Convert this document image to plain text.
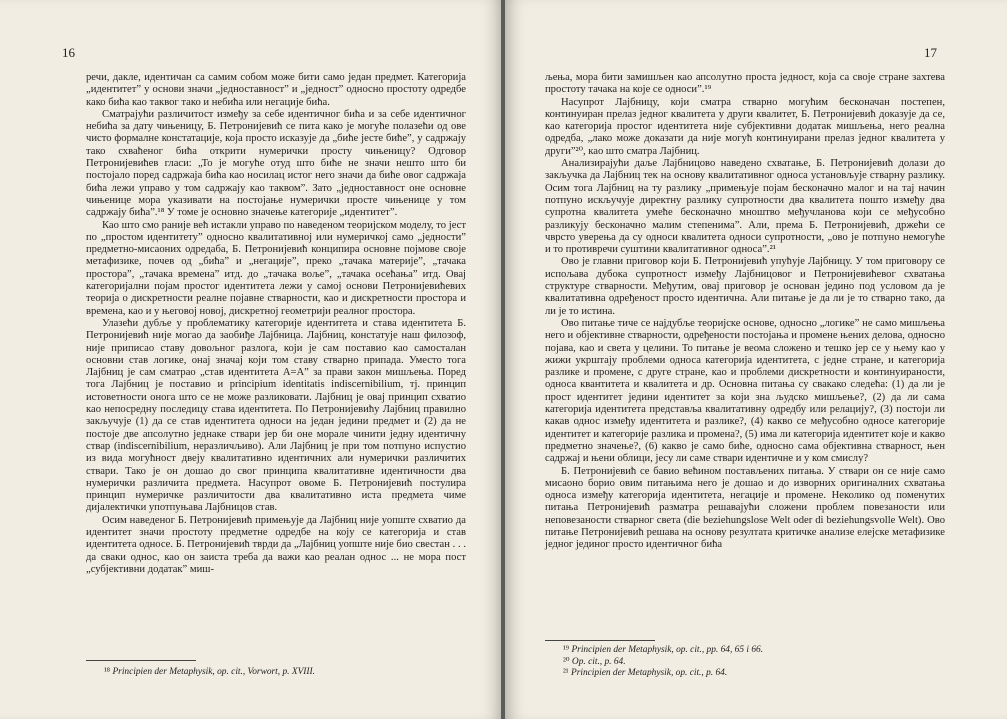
16

речи, дакле, идентичан са самим собом може бити само један предмет. Категорија „идентитет” у основи значи „једноставност” и „једност” односно простоту одредбе како бића као таквог тако и небића или негације бића.

Сматрајући различитост између за себе идентичног бића и за себе идентичног небића за дату чињеницу, Б. Петронијевић се пита како је могуће полазећи од ове чисто формалне констатације, која просто исказује да „биће јесте биће”, у садржају тако схваћеног бића открити нумерички просту чињеницу? Одговор Петронијевићев гласи: „То је могуће отуд што биће не значи нешто што би постојало поред садржаја бића као носилац истог него значи да биће овог садржаја бића лежи управо у том садржају као таквом”. Зато „једноставност оне основне чињенице мора указивати на постојање нумерички просте чињенице у том садржају бића”.¹⁸ У томе је основно значење категорије „идентитет”.

Као што смо раније већ истакли управо по наведеном теоријском моделу, то јест по „простом идентитету” односно квалитативној или нумеричкој само „једности” предметно-мисаоних одредаба, Б. Петронијевић конципира основне појмове своје метафизике, почев од „бића” и „негације”, преко „тачака материје”, „тачака простора”, „тачака времена” итд. до „тачака воље”, „тачака осећања” итд. Овај категоријални појам простог идентитета лежи у самој основи Петронијевићевих теорија о дискретности реалне појавне стварности, као и дискретности простора и времена, као и у његовој новој, дискретној геометрији реалног простора.

Улазећи дубље у проблематику категорије идентитета и става идентитета Б. Петронијевић није могао да заобиђе Лајбница. Лајбниц, констатује наш филозоф, није приписао ставу довољног разлога, који је сам поставио као самосталан основни став логике, онај значај који том ставу стварно припада. Уместо тога Лајбниц је сам сматрао „став идентитета A=A” за прави закон мишљења. Поред тога Лајбниц је поставио и principium identitatis indiscernibilium, тј. принцип истоветности онога што се не може разликовати. Лајбниц је овај принцип схватио као непосредну последицу става идентитета. По Петронијевићу Лајбниц правилно закључује (1) да се став идентитета односи на један једини предмет и (2) да не постоје две апсолутно једнаке ствари јер би оне морале чинити једну идентичну ствар (indiscernibilium, неразличљиво). Али Лајбниц је при том потпуно испустио из вида могућност двеју квалитативно идентичних али нумерички различитих ствари. Тако је он дошао до свог принципа квалитативне идентичности два нумерички различита предмета. Насупрот овоме Б. Петронијевић постулира принцип нумеричке различитости два квалитативно иста предмета чиме дијалектички употпуњава Лајбницов став.

Осим наведеног Б. Петронијевић примењује да Лајбниц није уопште схватио да идентитет значи простоту предметне одредбе на коју се категорија и став идентитета односе. Б. Петронијевић тврди да „Лајбниц уопште није био свестан . . . да сваки однос, као он заиста треба да важи као реалан однос ... не мора пост „субјективни додатак” миш-

¹⁸ Principien der Metaphysik, op. cit., Vorwort, p. XVIII.
17

љења, мора бити замишљен као апсолутно проста једност, која са своје стране захтева простоту тачака на које се односи”.¹⁹

Насупрот Лајбницу, који сматра стварно могућим бесконачан постепен, континуиран прелаз једног квалитета у други квалитет, Б. Петронијевић доказује да се, као категорија простог идентитета није субјективни додатак мишљења, него реална одредба, „лако може доказати да није могућ континуирани прелаз једног квалитета у други”²⁰, као што сматра Лајбниц.

Анализирајући даље Лајбницово наведено схватање, Б. Петронијевић долази до закључка да Лајбниц тек на основу квалитативног односа установљује стварну разлику. Осим тога Лајбниц на ту разлику „примењује појам бесконачно малог и на тај начин потпуно искључује директну разлику супротности два квалитета пошто између два супротна квалитета умеће бесконачно мноштво међучланова који се међусобно разликују бесконачно малим степенима”. Али, према Б. Петронијевић, држећи се чврсто уверења да су односи квалитета односи супротности, „ово је потпуно немогуће и то противречи суштини квалитативног односа”.²¹

Ово је главни приговор који Б. Петронијевић упућује Лајбницу. У том приговору се испољава дубока супротност између Лајбницовог и Петронијевићевог схватања структуре стварности. Међутим, овај приговор је основан једино под условом да је квалитативна одређеност просто идентична. Али питање је да ли је то стварно тако, да ли је то истина.

Ово питање тиче се најдубље теоријске основе, односно „логике” не само мишљења него и објективне стварности, одређености постојања и промене њених делова, односно појава, као и света у целини. То питање је веома сложено и тешко јер се у њему као у жижи укрштају проблеми односа категорија идентитета, с једне стране, и категорија разлике и промене, с друге стране, као и проблеми дискретности и континуираности, односа квантитета и квалитета и др. Основна питања су свакако следећа: (1) да ли је прост идентитет једини идентитет за који зна људско мишљење?, (2) да ли сама категорија идентитета представља квалитативну одредбу или релацију?, (3) постоји ли какав однос између идентитета и разлике?, (4) какво се међусобно односе категорије идентитет и категорије разлика и промена?, (5) има ли категорија идентитет које и какво предметно значење?, (6) какво је само биће, односно сама објективна стварност, њен садржај и њени облици, јесу ли саме ствари идентичне и у ком смислу?

Б. Петронијевић се бавио већином постављених питања. У ствари он се није само мисаоно борио овим питањима него је дошао и до изворних оригиналних схватања односа између категорија идентитета, негације и промене. Неколико од поменутих питања Петронијевић разматра решавајући сложени проблем повезаности или неповезаности стварног света (die beziehungslose Welt oder di beziehungsvolle Welt). Ово питање Петронијевић решава на основу резултата критичке анализе елејске метафизике једног јединог просто идентичног бића

¹⁹ Principien der Metaphysik, op. cit., pp. 64, 65 i 66.
²⁰ Op. cit., p. 64.
²¹ Principien der Metaphysik, op. cit., p. 64.
